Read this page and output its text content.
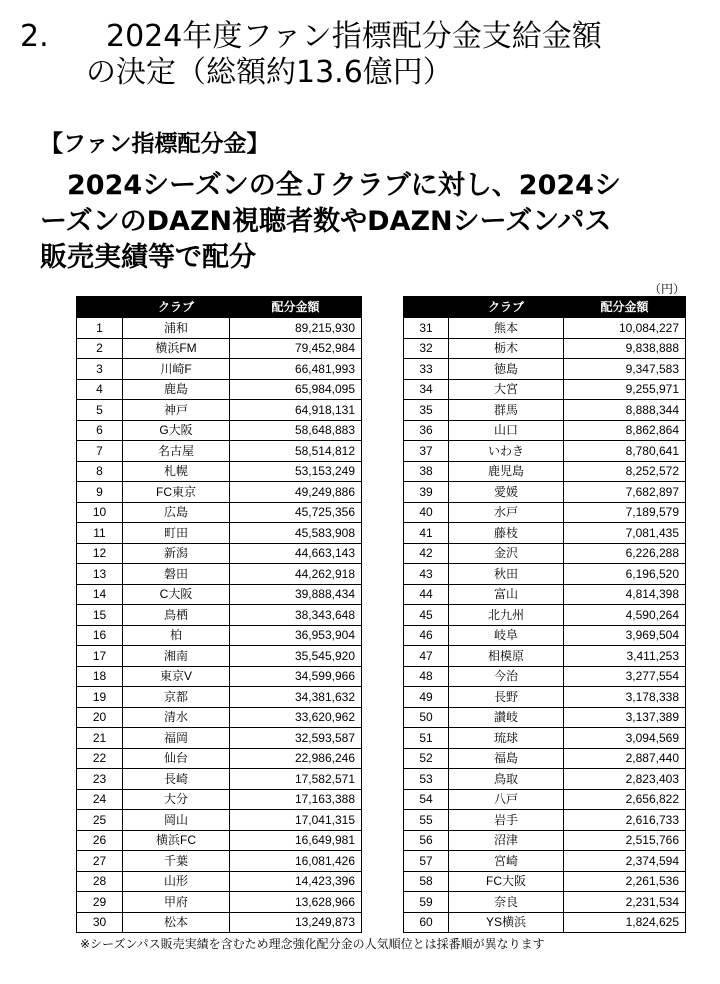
2. 2024年度ファン指標配分金支給金額
の決定（総額約13.6億円）
【ファン指標配分金】
　2024シーズンの全Ｊクラブに対し、2024シ
ーズンのDAZN視聴者数やDAZNシーズンパス
販売実績等で配分
（円）
	クラブ	配分金額
1	浦和	89,215,930
2	横浜FM	79,452,984
3	川崎F	66,481,993
4	鹿島	65,984,095
5	神戸	64,918,131
6	G大阪	58,648,883
7	名古屋	58,514,812
8	札幌	53,153,249
9	FC東京	49,249,886
10	広島	45,725,356
11	町田	45,583,908
12	新潟	44,663,143
13	磐田	44,262,918
14	C大阪	39,888,434
15	鳥栖	38,343,648
16	柏	36,953,904
17	湘南	35,545,920
18	東京V	34,599,966
19	京都	34,381,632
20	清水	33,620,962
21	福岡	32,593,587
22	仙台	22,986,246
23	長崎	17,582,571
24	大分	17,163,388
25	岡山	17,041,315
26	横浜FC	16,649,981
27	千葉	16,081,426
28	山形	14,423,396
29	甲府	13,628,966
30	松本	13,249,873
	クラブ	配分金額
31	熊本	10,084,227
32	栃木	9,838,888
33	徳島	9,347,583
34	大宮	9,255,971
35	群馬	8,888,344
36	山口	8,862,864
37	いわき	8,780,641
38	鹿児島	8,252,572
39	愛媛	7,682,897
40	水戸	7,189,579
41	藤枝	7,081,435
42	金沢	6,226,288
43	秋田	6,196,520
44	富山	4,814,398
45	北九州	4,590,264
46	岐阜	3,969,504
47	相模原	3,411,253
48	今治	3,277,554
49	長野	3,178,338
50	讃岐	3,137,389
51	琉球	3,094,569
52	福島	2,887,440
53	鳥取	2,823,403
54	八戸	2,656,822
55	岩手	2,616,733
56	沼津	2,515,766
57	宮崎	2,374,594
58	FC大阪	2,261,536
59	奈良	2,231,534
60	YS横浜	1,824,625
※シーズンパス販売実績を含むため理念強化配分金の人気順位とは採番順が異なります
